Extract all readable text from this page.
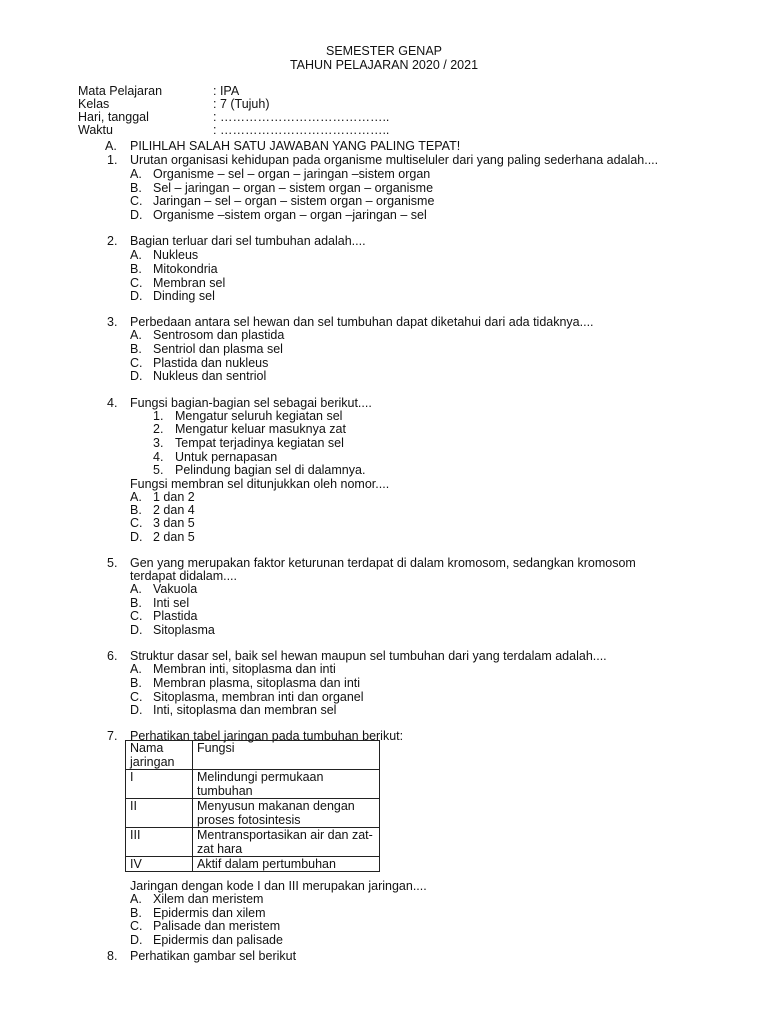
SEMESTER GENAP
TAHUN PELAJARAN 2020 / 2021
Mata Pelajaran	: IPA
Kelas	: 7 (Tujuh)
Hari, tanggal	: …………………………………..
Waktu	: …………………………………..
A. PILIHLAH SALAH SATU JAWABAN YANG PALING TEPAT!
1. Urutan organisasi kehidupan pada organisme multiseluler dari yang paling sederhana adalah....
A. Organisme – sel – organ – jaringan –sistem organ
B. Sel – jaringan – organ – sistem organ – organisme
C. Jaringan – sel – organ – sistem organ – organisme
D. Organisme –sistem organ – organ –jaringan – sel
2. Bagian terluar dari sel tumbuhan adalah....
A. Nukleus
B. Mitokondria
C. Membran sel
D. Dinding sel
3. Perbedaan antara sel hewan dan sel tumbuhan dapat diketahui dari ada tidaknya....
A. Sentrosom dan plastida
B. Sentriol dan plasma sel
C. Plastida dan nukleus
D. Nukleus dan sentriol
4. Fungsi bagian-bagian sel sebagai berikut....
1. Mengatur seluruh kegiatan sel
2. Mengatur keluar masuknya zat
3. Tempat terjadinya kegiatan sel
4. Untuk pernapasan
5. Pelindung bagian sel di dalamnya.
Fungsi membran sel ditunjukkan oleh nomor....
A. 1 dan 2
B. 2 dan 4
C. 3 dan 5
D. 2 dan 5
5. Gen yang merupakan faktor keturunan terdapat di dalam kromosom, sedangkan kromosom
terdapat didalam....
A. Vakuola
B. Inti sel
C. Plastida
D. Sitoplasma
6. Struktur dasar sel, baik sel hewan maupun sel tumbuhan dari yang terdalam adalah....
A. Membran inti, sitoplasma dan inti
B. Membran plasma, sitoplasma dan inti
C. Sitoplasma, membran inti dan organel
D. Inti, sitoplasma dan membran sel
7. Perhatikan tabel jaringan pada tumbuhan berikut:
Nama jaringan	Fungsi
I	Melindungi permukaan tumbuhan
II	Menyusun makanan dengan proses fotosintesis
III	Mentransportasikan air dan zat-zat hara
IV	Aktif dalam pertumbuhan
Jaringan dengan kode I dan III merupakan jaringan....
A. Xilem dan meristem
B. Epidermis dan xilem
C. Palisade dan meristem
D. Epidermis dan palisade
8. Perhatikan gambar sel berikut
